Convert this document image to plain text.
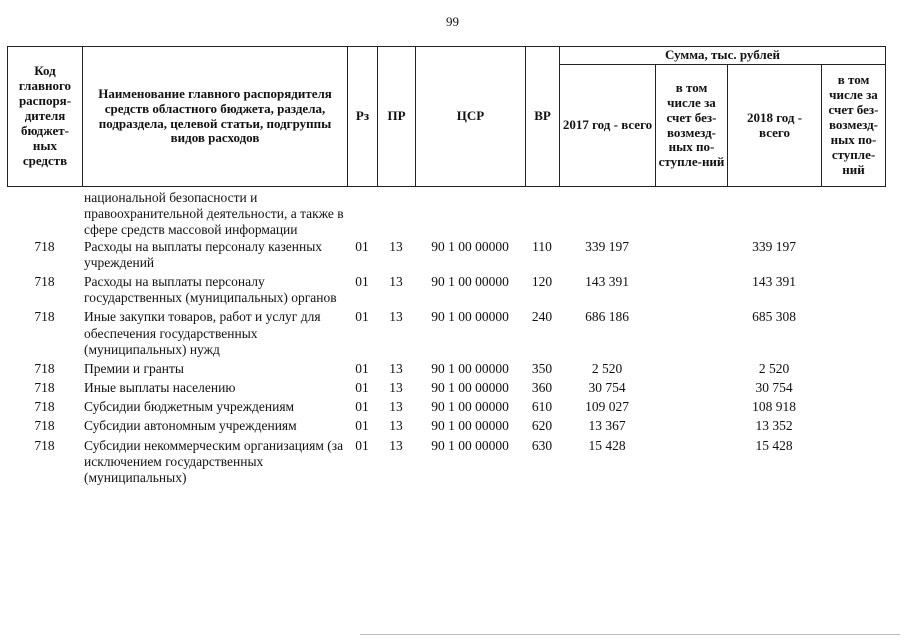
99
Код главного распоря-дителя бюджет-ных средств	Наименование главного распорядителя средств областного бюджета, раздела, подраздела, целевой статьи, подгруппы видов расходов	Рз	ПР	ЦСР	ВР	Сумма, тыс. рублей			
						2017 год - всего	в том числе за счет без-возмезд-ных по-ступле-ний	2018 год - всего	в том числе за счет без-возмезд-ных по-ступле-ний
	национальной безопасности и правоохранительной деятельности, а также в сфере средств массовой информации								
718	Расходы на выплаты персоналу казенных учреждений	01	13	90 1 00 00000	110	339 197		339 197	
718	Расходы на выплаты персоналу государственных (муниципальных) органов	01	13	90 1 00 00000	120	143 391		143 391	
718	Иные закупки товаров, работ и услуг для обеспечения государственных (муниципальных) нужд	01	13	90 1 00 00000	240	686 186		685 308	
718	Премии и гранты	01	13	90 1 00 00000	350	2 520		2 520	
718	Иные выплаты населению	01	13	90 1 00 00000	360	30 754		30 754	
718	Субсидии бюджетным учреждениям	01	13	90 1 00 00000	610	109 027		108 918	
718	Субсидии автономным учреждениям	01	13	90 1 00 00000	620	13 367		13 352	
718	Субсидии некоммерческим организациям (за исключением государственных (муниципальных)	01	13	90 1 00 00000	630	15 428		15 428	
